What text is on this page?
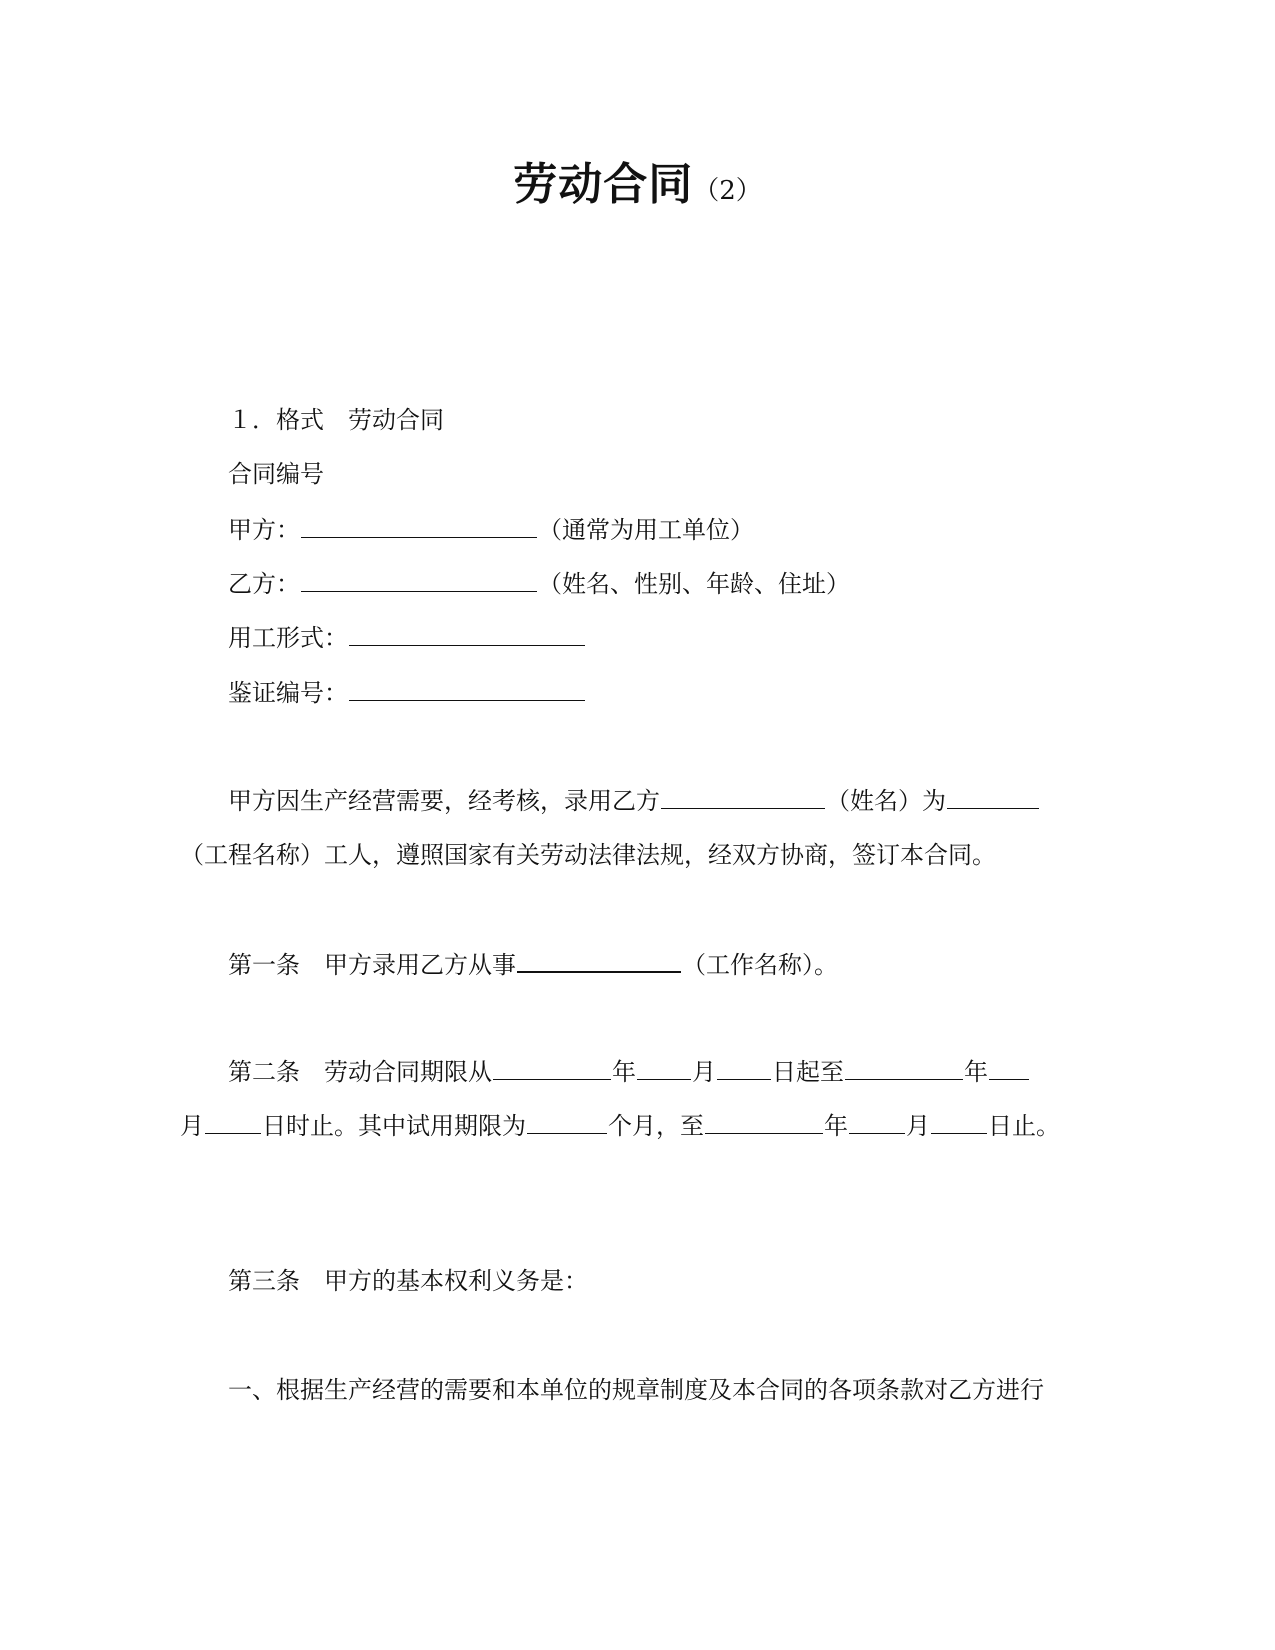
劳动合同（2）
１．格式　劳动合同
合同编号
甲方：	（通常为用工单位）
乙方：	（姓名、性别、年龄、住址）
用工形式：
鉴证编号：
甲方因生产经营需要，经考核，录用乙方	（姓名）为
（工程名称）工人，遵照国家有关劳动法律法规，经双方协商，签订本合同。
第一条　甲方录用乙方从事	（工作名称）。
第二条　劳动合同期限从	年 月 日起至	年
月 日时止。其中试用期限为	个月，至	年 月 日止。
第三条　甲方的基本权利义务是：
一、根据生产经营的需要和本单位的规章制度及本合同的各项条款对乙方进行
